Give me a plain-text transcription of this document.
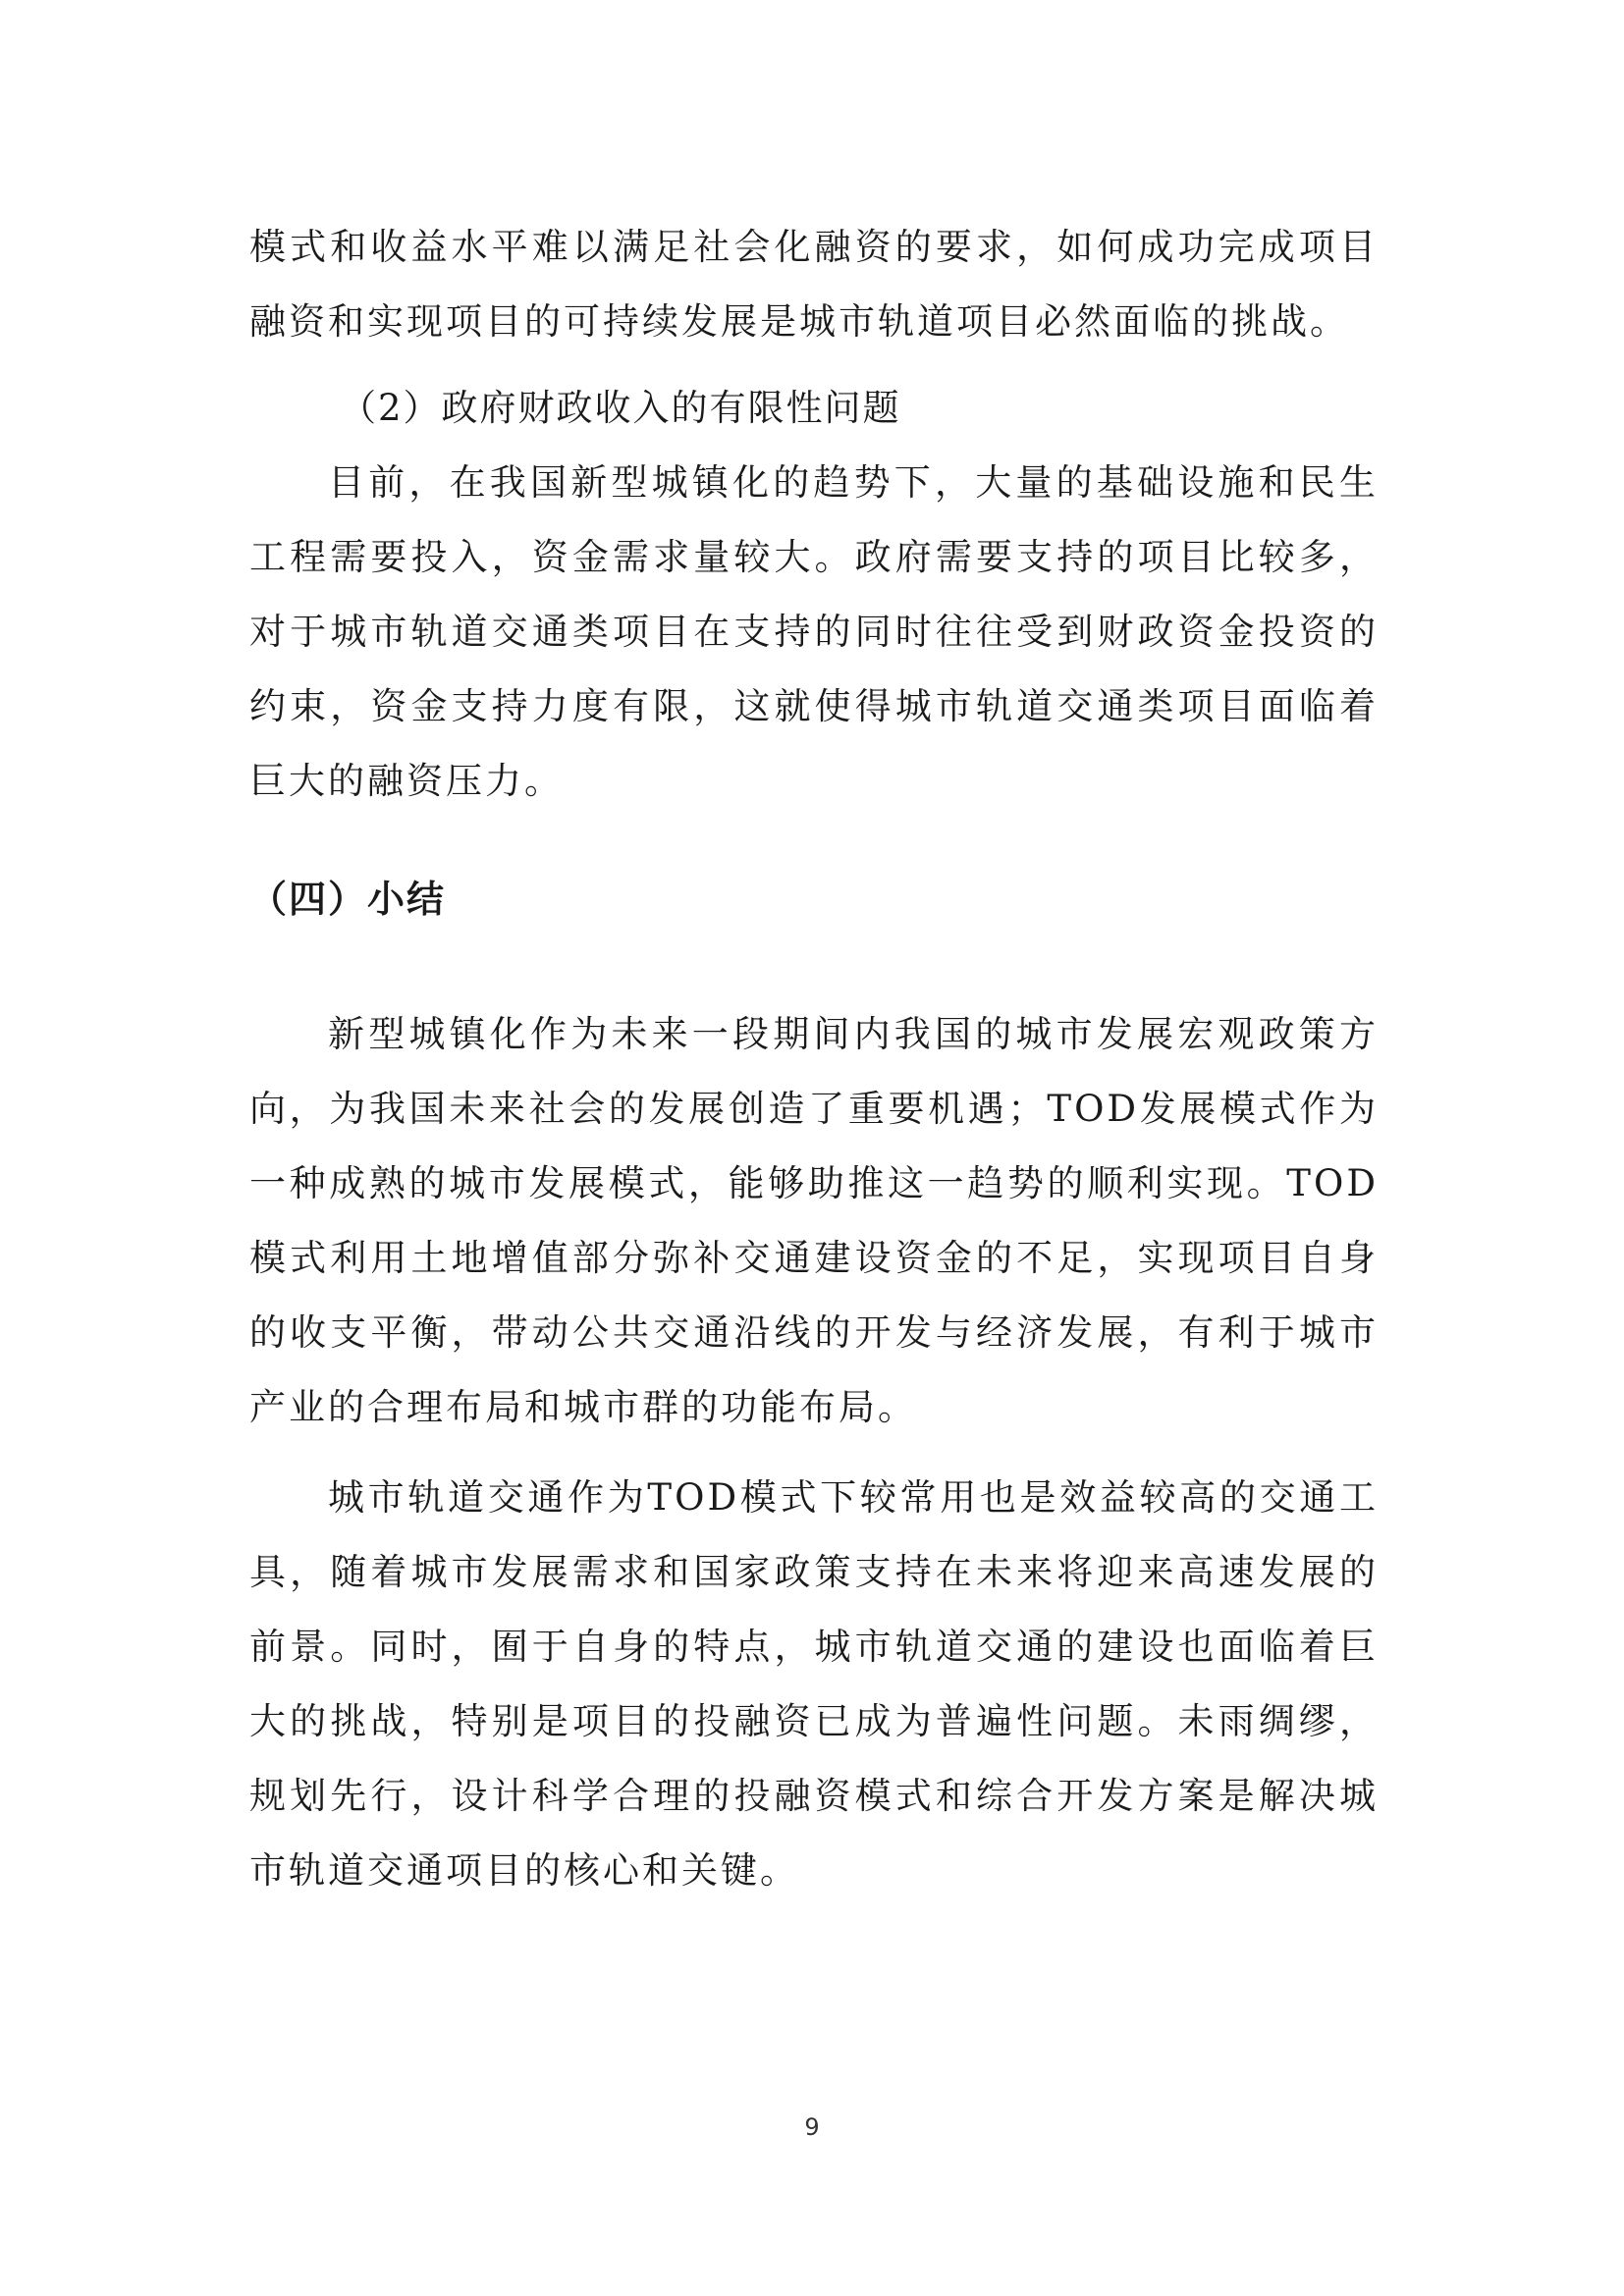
模式和收益水平难以满足社会化融资的要求，如何成功完成项目融资和实现项目的可持续发展是城市轨道项目必然面临的挑战。

（2）政府财政收入的有限性问题

目前，在我国新型城镇化的趋势下，大量的基础设施和民生工程需要投入，资金需求量较大。政府需要支持的项目比较多，对于城市轨道交通类项目在支持的同时往往受到财政资金投资的约束，资金支持力度有限，这就使得城市轨道交通类项目面临着巨大的融资压力。

（四）小结

新型城镇化作为未来一段期间内我国的城市发展宏观政策方向，为我国未来社会的发展创造了重要机遇；TOD发展模式作为一种成熟的城市发展模式，能够助推这一趋势的顺利实现。TOD模式利用土地增值部分弥补交通建设资金的不足，实现项目自身的收支平衡，带动公共交通沿线的开发与经济发展，有利于城市产业的合理布局和城市群的功能布局。

城市轨道交通作为TOD模式下较常用也是效益较高的交通工具，随着城市发展需求和国家政策支持在未来将迎来高速发展的前景。同时，囿于自身的特点，城市轨道交通的建设也面临着巨大的挑战，特别是项目的投融资已成为普遍性问题。未雨绸缪，规划先行，设计科学合理的投融资模式和综合开发方案是解决城市轨道交通项目的核心和关键。

9
